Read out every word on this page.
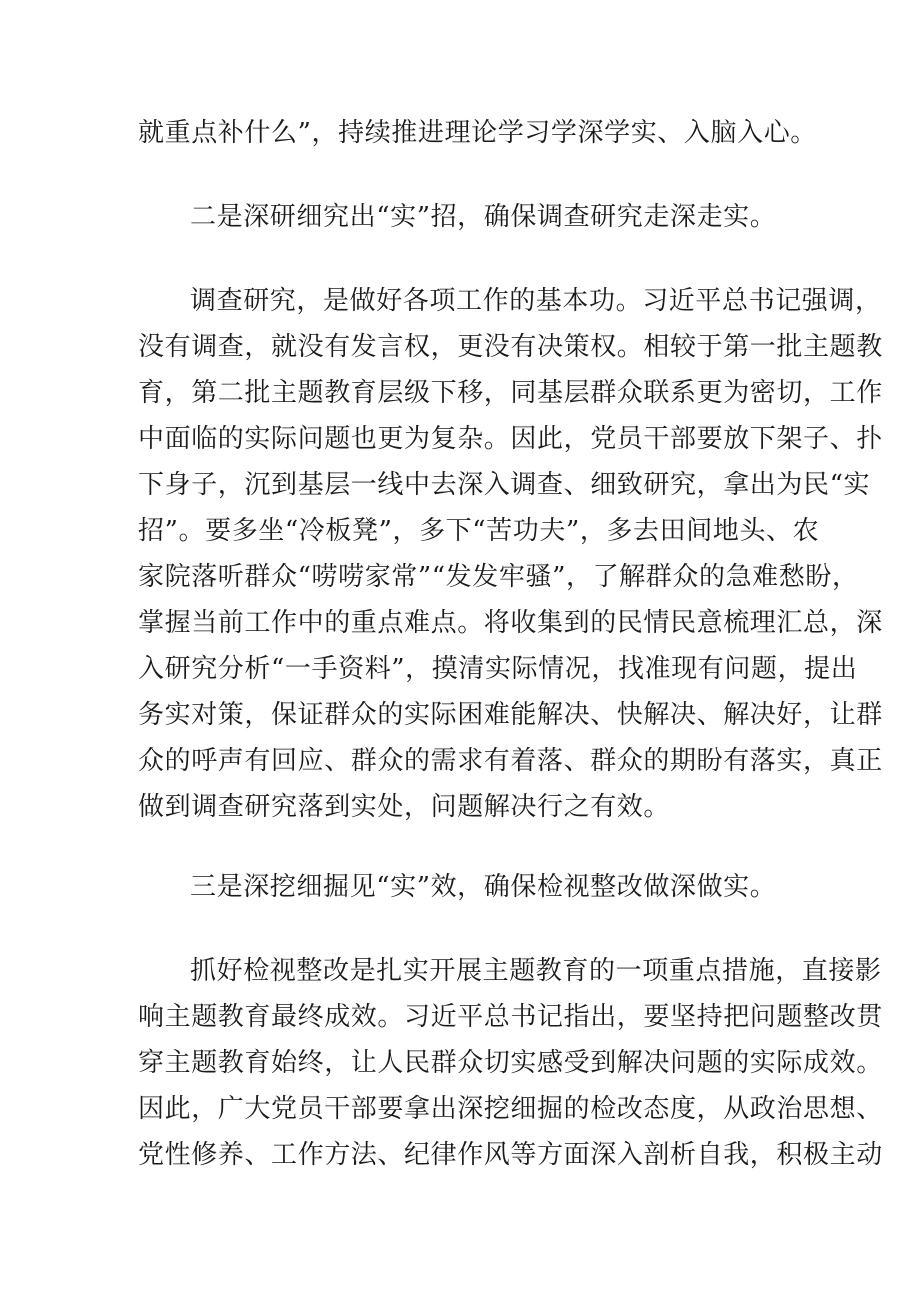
就重点补什么”，持续推进理论学习学深学实、入脑入心。

二是深研细究出“实”招，确保调查研究走深走实。

调查研究，是做好各项工作的基本功。习近平总书记强调，

没有调查，就没有发言权，更没有决策权。相较于第一批主题教

育，第二批主题教育层级下移，同基层群众联系更为密切，工作

中面临的实际问题也更为复杂。因此，党员干部要放下架子、扑

下身子，沉到基层一线中去深入调查、细致研究，拿出为民“实

招”。要多坐“冷板凳”，多下“苦功夫”，多去田间地头、农

家院落听群众“唠唠家常”“发发牢骚”，了解群众的急难愁盼，

掌握当前工作中的重点难点。将收集到的民情民意梳理汇总，深

入研究分析“一手资料”，摸清实际情况，找准现有问题，提出

务实对策，保证群众的实际困难能解决、快解决、解决好，让群

众的呼声有回应、群众的需求有着落、群众的期盼有落实，真正

做到调查研究落到实处，问题解决行之有效。

三是深挖细掘见“实”效，确保检视整改做深做实。

抓好检视整改是扎实开展主题教育的一项重点措施，直接影

响主题教育最终成效。习近平总书记指出，要坚持把问题整改贯

穿主题教育始终，让人民群众切实感受到解决问题的实际成效。

因此，广大党员干部要拿出深挖细掘的检改态度，从政治思想、

党性修养、工作方法、纪律作风等方面深入剖析自我，积极主动
